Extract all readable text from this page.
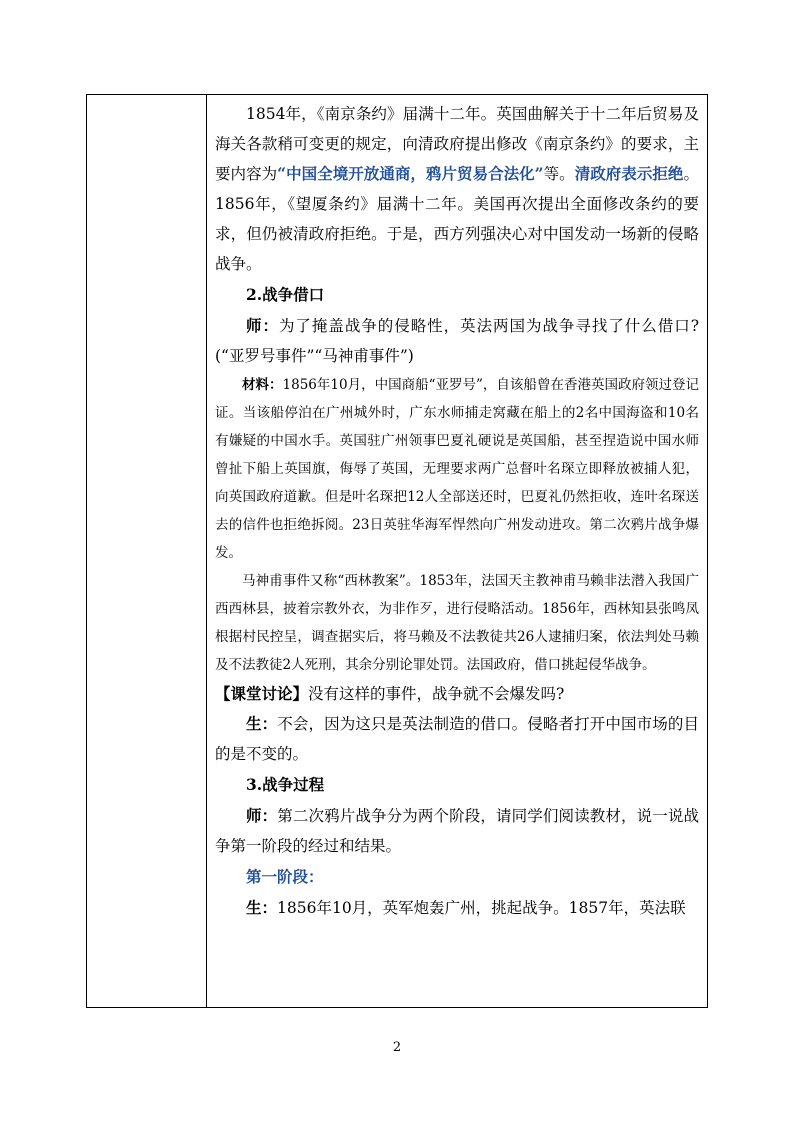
1854年，《南京条约》届满十二年。英国曲解关于十二年后贸易及海关各款稍可变更的规定，向清政府提出修改《南京条约》的要求，主要内容为“中国全境开放通商，鸦片贸易合法化”等。清政府表示拒绝。1856年，《望厦条约》届满十二年。美国再次提出全面修改条约的要求，但仍被清政府拒绝。于是，西方列强决心对中国发动一场新的侵略战争。

2.战争借口

师：为了掩盖战争的侵略性，英法两国为战争寻找了什么借口?(“亚罗号事件”“马神甫事件”)

材料：1856年10月，中国商船“亚罗号”，自该船曾在香港英国政府领过登记证。当该船停泊在广州城外时，广东水师捕走窝藏在船上的2名中国海盗和10名有嫌疑的中国水手。英国驻广州领事巴夏礼硬说是英国船，甚至捏造说中国水师曾扯下船上英国旗，侮辱了英国，无理要求两广总督叶名琛立即释放被捕人犯，向英国政府道歉。但是叶名琛把12人全部送还时，巴夏礼仍然拒收，连叶名琛送去的信件也拒绝拆阅。23日英驻华海军悍然向广州发动进攻。第二次鸦片战争爆发。

马神甫事件又称“西林教案”。1853年，法国天主教神甫马赖非法潜入我国广西西林县，披着宗教外衣，为非作歹，进行侵略活动。1856年，西林知县张鸣凤根据村民控呈，调查据实后，将马赖及不法教徒共26人逮捕归案，依法判处马赖及不法教徒2人死刑，其余分别论罪处罚。法国政府，借口挑起侵华战争。

【课堂讨论】没有这样的事件，战争就不会爆发吗?

生：不会，因为这只是英法制造的借口。侵略者打开中国市场的目的是不变的。

3.战争过程

师：第二次鸦片战争分为两个阶段，请同学们阅读教材，说一说战争第一阶段的经过和结果。

第一阶段：

生：1856年10月，英军炮轰广州，挑起战争。1857年，英法联

2
